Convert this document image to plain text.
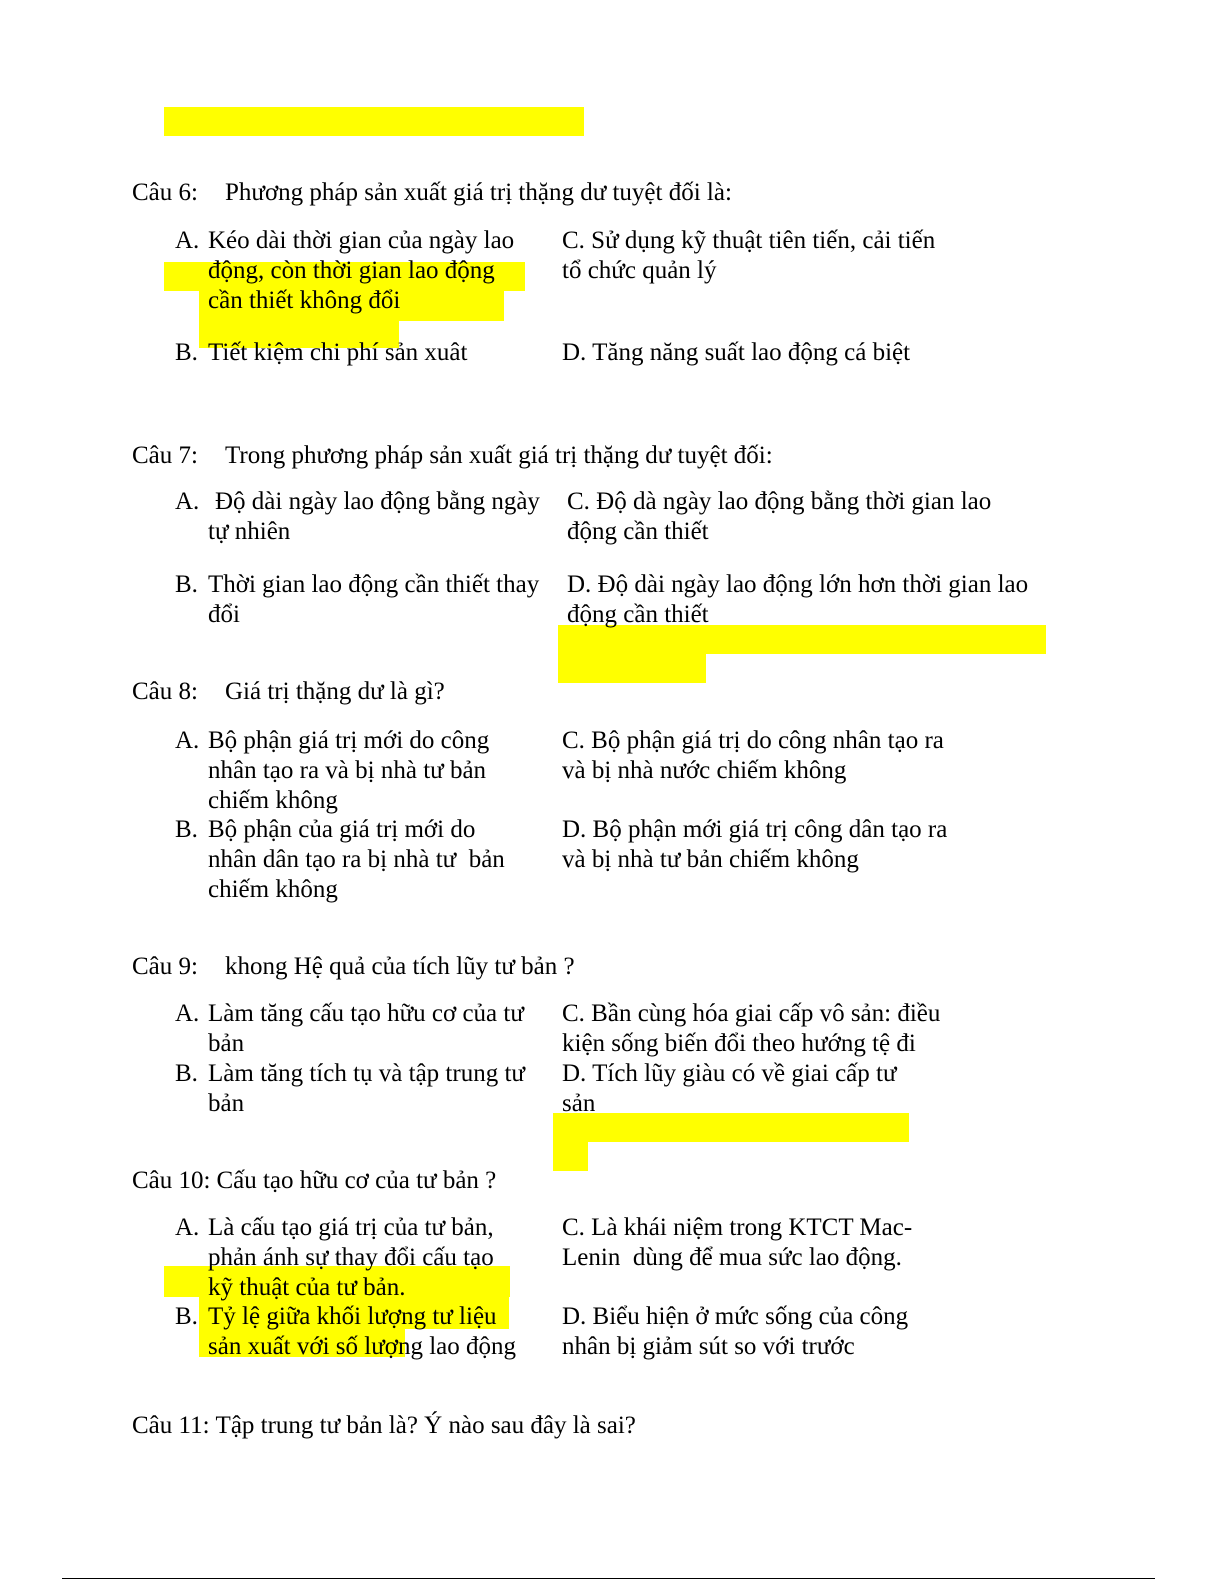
Câu 6: Phương pháp sản xuất giá trị thặng dư tuyệt đối là:
A. Kéo dài thời gian của ngày lao
động, còn thời gian lao động
cần thiết không đổi
B. Tiết kiệm chi phí sản xuât
C. Sử dụng kỹ thuật tiên tiến, cải tiến
tổ chức quản lý
D. Tăng năng suất lao động cá biệt
Câu 7: Trong phương pháp sản xuất giá trị thặng dư tuyệt đối:
A. Độ dài ngày lao động bằng ngày
tự nhiên
B. Thời gian lao động cần thiết thay
đổi
C. Độ dà ngày lao động bằng thời gian lao
động cần thiết
D. Độ dài ngày lao động lớn hơn thời gian lao
động cần thiết
Câu 8: Giá trị thặng dư là gì?
A. Bộ phận giá trị mới do công
nhân tạo ra và bị nhà tư bản
chiếm không
B. Bộ phận của giá trị mới do
nhân dân tạo ra bị nhà tư  bản
chiếm không
C. Bộ phận giá trị do công nhân tạo ra
và bị nhà nước chiếm không
D. Bộ phận mới giá trị công dân tạo ra
và bị nhà tư bản chiếm không
Câu 9: khong Hệ quả của tích lũy tư bản ?
A. Làm tăng cấu tạo hữu cơ của tư
bản
B. Làm tăng tích tụ và tập trung tư
bản
C. Bần cùng hóa giai cấp vô sản: điều
kiện sống biến đổi theo hướng tệ đi
D. Tích lũy giàu có về giai cấp tư
sản
Câu 10: Cấu tạo hữu cơ của tư bản ?
A. Là cấu tạo giá trị của tư bản,
phản ánh sự thay đổi cấu tạo
kỹ thuật của tư bản.
B. Tỷ lệ giữa khối lượng tư liệu
sản xuất với số lượng lao động
C. Là khái niệm trong KTCT Mac-
Lenin  dùng để mua sức lao động.
D. Biểu hiện ở mức sống của công
nhân bị giảm sút so với trước
Câu 11: Tập trung tư bản là? Ý nào sau đây là sai?
